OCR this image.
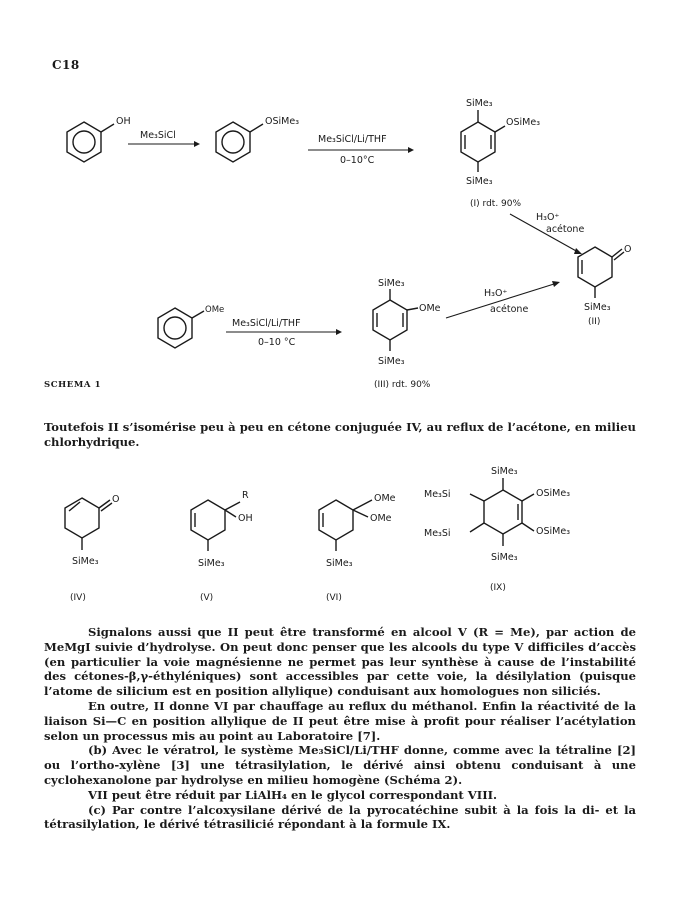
C18
OH
Me₃SiCl
OSiMe₃
Me₃SiCl/Li/THF
0–10°C
SiMe₃
OSiMe₃
SiMe₃
(I) rdt. 90%
H₃O⁺
acétone
O
SiMe₃
(II)
OMe
Me₃SiCl/Li/THF
0–10 °C
SiMe₃
OMe
SiMe₃
(III) rdt. 90%
H₃O⁺
acétone
O
SiMe₃
(IV)
R
OH
SiMe₃
(V)
OMe
OMe
SiMe₃
(VI)
SiMe₃
Me₃Si
Me₃Si
OSiMe₃
OSiMe₃
SiMe₃
(IX)
SCHEMA 1

Toutefois II s’isomérise peu à peu en cétone conjuguée IV, au reflux de l’acétone, en milieu chlorhydrique.

Signalons aussi que II peut être transformé en alcool V (R = Me), par action de MeMgI suivie d’hydrolyse. On peut donc penser que les alcools du type V difficiles d’accès (en particulier la voie magnésienne ne permet pas leur synthèse à cause de l’instabilité des cétones-β,γ-éthyléniques) sont accessibles par cette voie, la désilylation (puisque l’atome de silicium est en position allylique) conduisant aux homologues non siliciés.

En outre, II donne VI par chauffage au reflux du méthanol. Enfin la réactivité de la liaison Si—C en position allylique de II peut être mise à profit pour réaliser l’acétylation selon un processus mis au point au Laboratoire [7].

(b) Avec le vératrol, le système Me₃SiCl/Li/THF donne, comme avec la tétraline [2] ou l’ortho-xylène [3] une tétrasilylation, le dérivé ainsi obtenu conduisant à une cyclohexanolone par hydrolyse en milieu homogène (Schéma 2).

VII peut être réduit par LiAlH₄ en le glycol correspondant VIII.

(c) Par contre l’alcoxysilane dérivé de la pyrocatéchine subit à la fois la di- et la tétrasilylation, le dérivé tétrasilicié répondant à la formule IX.
